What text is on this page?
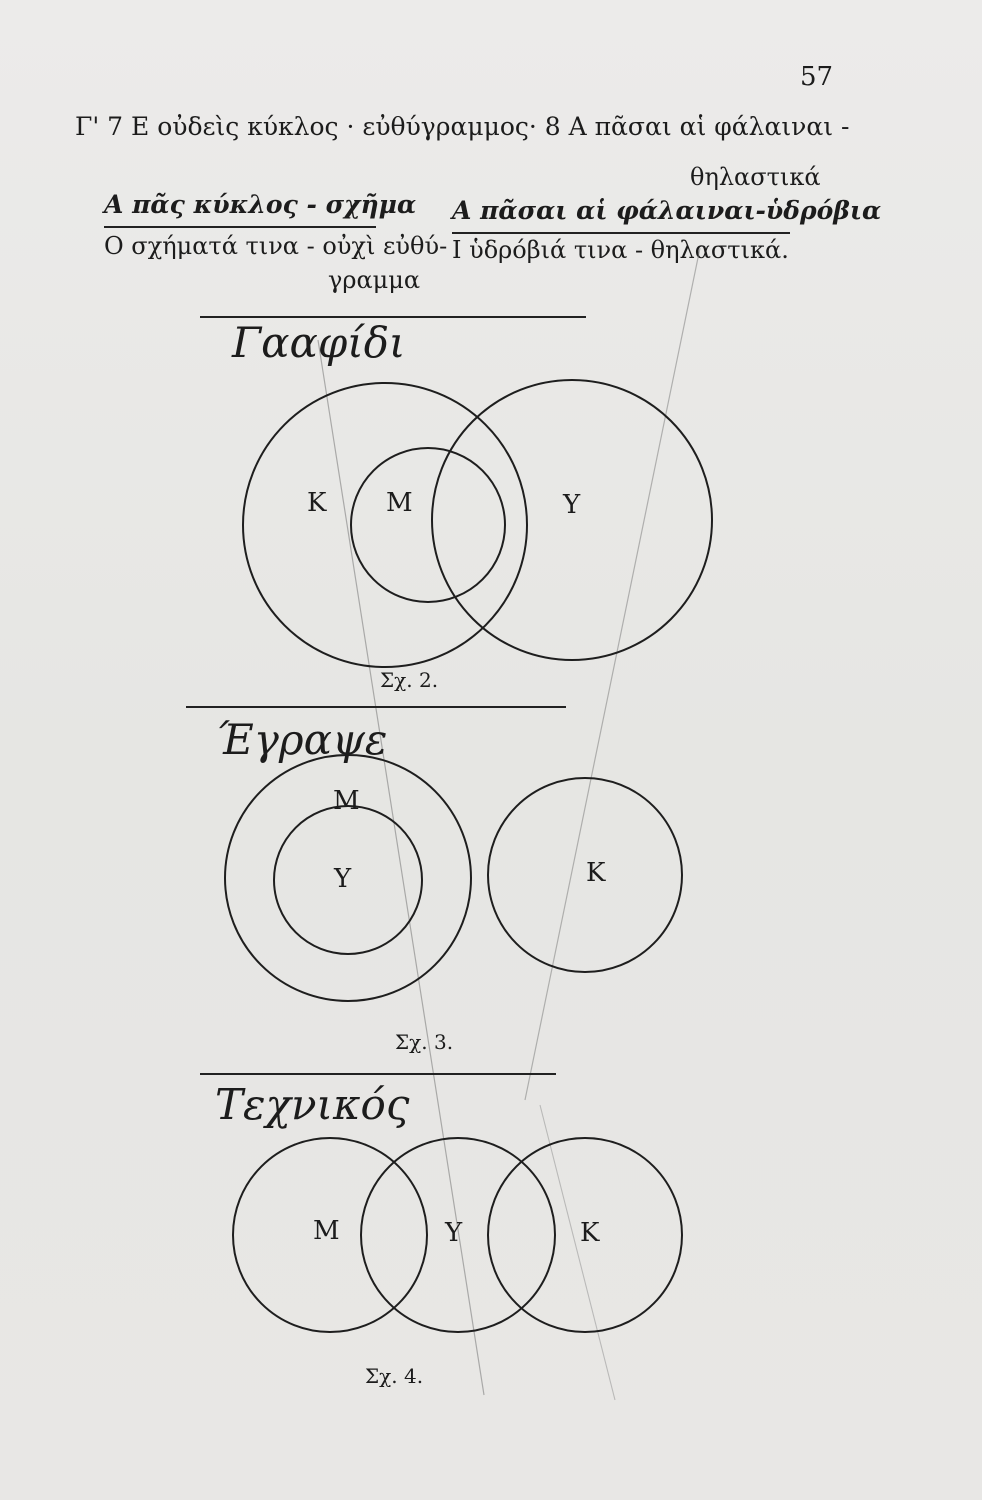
57
Γ' 7 Ε οὐδεὶς κύκλος · εὐθύγραμμος· 8 Α πᾶσαι αἱ φάλαιναι -
θηλαστικά
Α πᾶς κύκλος - σχῆμα Α πᾶσαι αἱ φάλαιναι-ὑδρόβια
Ο σχήματά τινα - οὐχὶ εὐθύ-
γραμμα
Ι ὑδρόβιά τινα - θηλαστικά.
Γααφίδι
Κ Μ	Υ
Σχ. 2.
Έγραψε
Μ
Υ	Κ
Σχ. 3.
Τεχνικός
Μ	Υ	Κ
Σχ. 4.
